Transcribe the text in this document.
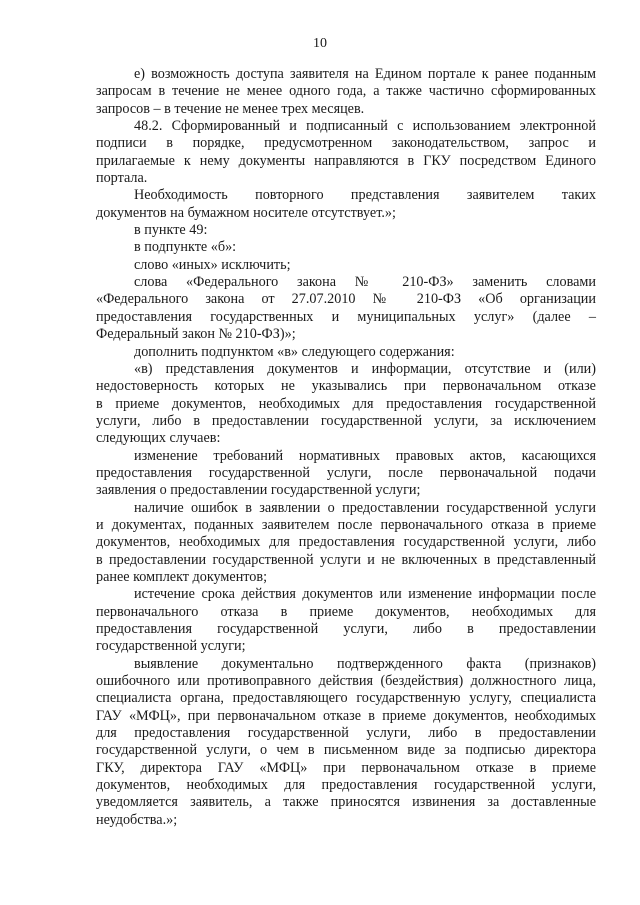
10
е) возможность доступа заявителя на Едином портале к ранее поданным
запросам в течение не менее одного года, а также частично сформированных
запросов – в течение не менее трех месяцев.
48.2. Сформированный и подписанный с использованием электронной
подписи в порядке, предусмотренном законодательством, запрос и
прилагаемые к нему документы направляются в ГКУ посредством Единого
портала.
Необходимость повторного представления заявителем таких
документов на бумажном носителе отсутствует.»;
в пункте 49:
в подпункте «б»:
слово «иных» исключить;
слова «Федерального закона № 210-ФЗ» заменить словами
«Федерального закона от 27.07.2010 № 210-ФЗ «Об организации
предоставления государственных и муниципальных услуг» (далее –
Федеральный закон № 210-ФЗ)»;
дополнить подпунктом «в» следующего содержания:
«в) представления документов и информации, отсутствие и (или)
недостоверность которых не указывались при первоначальном отказе
в приеме документов, необходимых для предоставления государственной
услуги, либо в предоставлении государственной услуги, за исключением
следующих случаев:
изменение требований нормативных правовых актов, касающихся
предоставления государственной услуги, после первоначальной подачи
заявления о предоставлении государственной услуги;
наличие ошибок в заявлении о предоставлении государственной услуги
и документах, поданных заявителем после первоначального отказа в приеме
документов, необходимых для предоставления государственной услуги, либо
в предоставлении государственной услуги и не включенных в представленный
ранее комплект документов;
истечение срока действия документов или изменение информации после
первоначального отказа в приеме документов, необходимых для
предоставления государственной услуги, либо в предоставлении
государственной услуги;
выявление документально подтвержденного факта (признаков)
ошибочного или противоправного действия (бездействия) должностного лица,
специалиста органа, предоставляющего государственную услугу, специалиста
ГАУ «МФЦ», при первоначальном отказе в приеме документов, необходимых
для предоставления государственной услуги, либо в предоставлении
государственной услуги, о чем в письменном виде за подписью директора
ГКУ, директора ГАУ «МФЦ» при первоначальном отказе в приеме
документов, необходимых для предоставления государственной услуги,
уведомляется заявитель, а также приносятся извинения за доставленные
неудобства.»;
